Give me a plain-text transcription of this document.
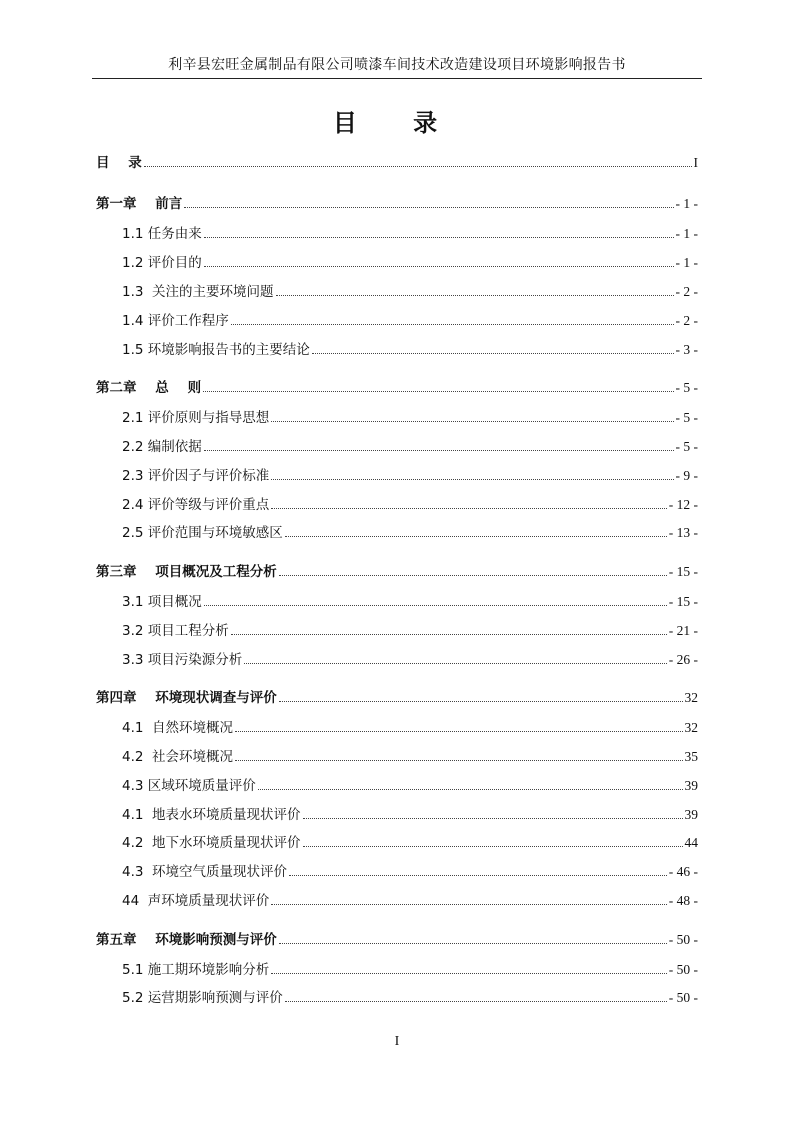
利辛县宏旺金属制品有限公司喷漆车间技术改造建设项目环境影响报告书
目 录
目    录	I
第一章    前言	- 1 -
1.1 任务由来	- 1 -
1.2 评价目的	- 1 -
1.3  关注的主要环境问题	- 2 -
1.4 评价工作程序	- 2 -
1.5 环境影响报告书的主要结论	- 3 -
第二章    总    则	- 5 -
2.1 评价原则与指导思想	- 5 -
2.2 编制依据	- 5 -
2.3 评价因子与评价标准	- 9 -
2.4 评价等级与评价重点	- 12 -
2.5 评价范围与环境敏感区	- 13 -
第三章    项目概况及工程分析	- 15 -
3.1 项目概况	- 15 -
3.2 项目工程分析	- 21 -
3.3 项目污染源分析	- 26 -
第四章    环境现状调查与评价	32
4.1  自然环境概况	32
4.2  社会环境概况	35
4.3 区域环境质量评价	39
4.1  地表水环境质量现状评价	39
4.2  地下水环境质量现状评价	44
4.3  环境空气质量现状评价	- 46 -
44  声环境质量现状评价	- 48 -
第五章    环境影响预测与评价	- 50 -
5.1 施工期环境影响分析	- 50 -
5.2 运营期影响预测与评价	- 50 -
I
